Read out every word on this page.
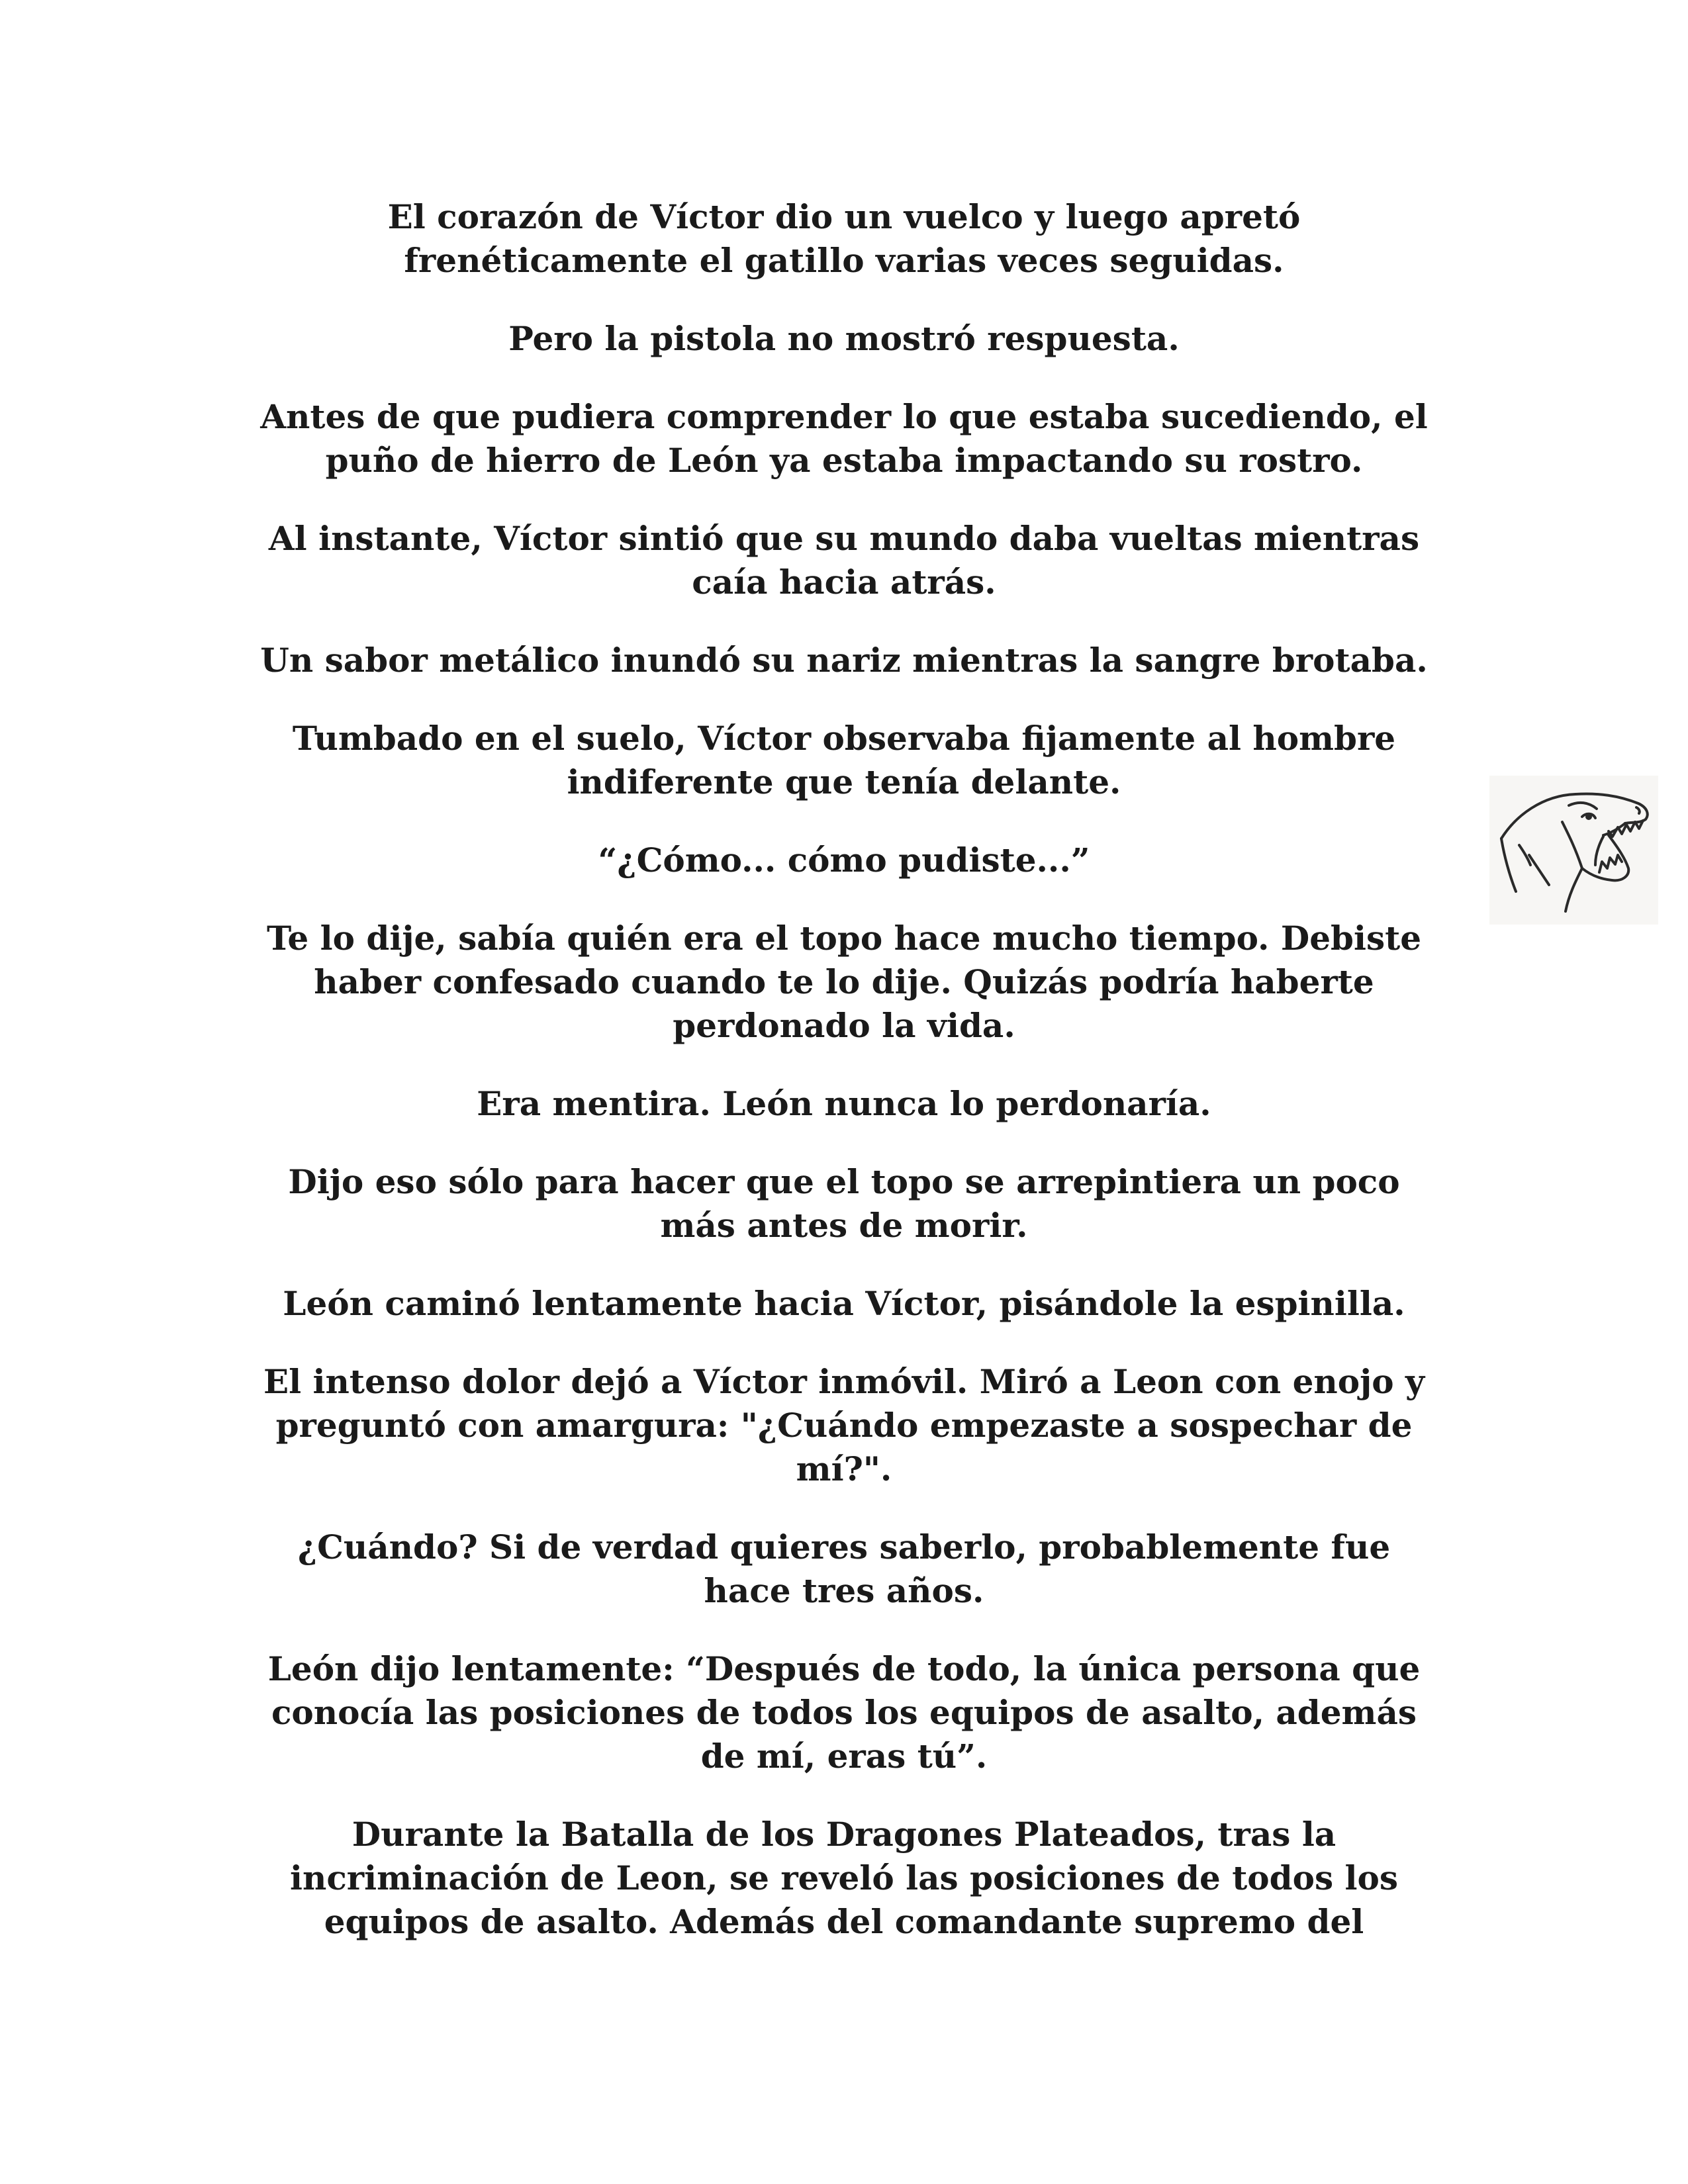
El corazón de Víctor dio un vuelco y luego apretó
frenéticamente el gatillo varias veces seguidas.

Pero la pistola no mostró respuesta.

Antes de que pudiera comprender lo que estaba sucediendo, el
puño de hierro de León ya estaba impactando su rostro.

Al instante, Víctor sintió que su mundo daba vueltas mientras
caía hacia atrás.

Un sabor metálico inundó su nariz mientras la sangre brotaba.

Tumbado en el suelo, Víctor observaba fijamente al hombre
indiferente que tenía delante.

“¿Cómo... cómo pudiste...”

Te lo dije, sabía quién era el topo hace mucho tiempo. Debiste
haber confesado cuando te lo dije. Quizás podría haberte
perdonado la vida.

Era mentira. León nunca lo perdonaría.

Dijo eso sólo para hacer que el topo se arrepintiera un poco
más antes de morir.

León caminó lentamente hacia Víctor, pisándole la espinilla.

El intenso dolor dejó a Víctor inmóvil. Miró a Leon con enojo y
preguntó con amargura: "¿Cuándo empezaste a sospechar de
mí?".

¿Cuándo? Si de verdad quieres saberlo, probablemente fue
hace tres años.

León dijo lentamente: “Después de todo, la única persona que
conocía las posiciones de todos los equipos de asalto, además
de mí, eras tú”.

Durante la Batalla de los Dragones Plateados, tras la
incriminación de Leon, se reveló las posiciones de todos los
equipos de asalto. Además del comandante supremo del
